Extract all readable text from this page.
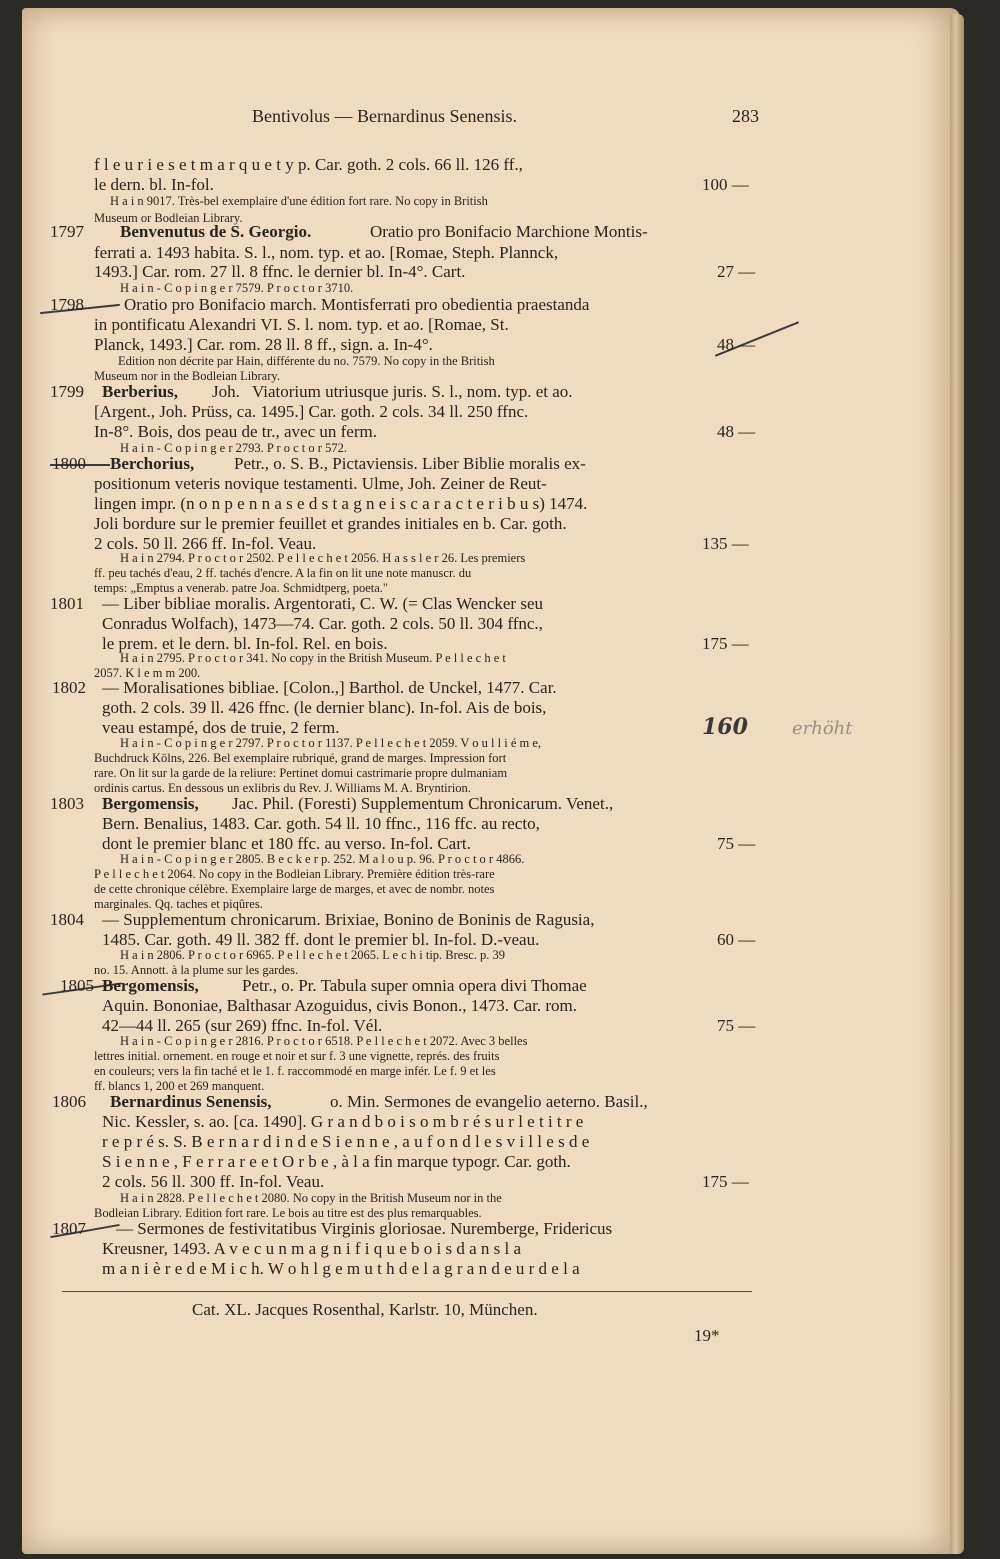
Bentivolus — Bernardinus Senensis.	283
Cat. XL. Jacques Rosenthal, Karlstr. 10, München.
19*
160 erhöht
f l e u r i e s e t m a r q u e t y p. Car. goth. 2 cols. 66 ll. 126 ff.,
le dern. bl. In-fol.
H a i n 9017. Très-bel exemplaire d'une édition fort rare. No copy in British
Museum or Bodleian Library.
Oratio pro Bonifacio Marchione Montis-
ferrati a. 1493 habita. S. l., nom. typ. et ao. [Romae, Steph. Plannck,
1493.] Car. rom. 27 ll. 8 ffnc. le dernier bl. In-4°. Cart.
H a i n - C o p i n g e r 7579. P r o c t o r 3710.
Oratio pro Bonifacio march. Montisferrati pro obedientia praestanda
in pontificatu Alexandri VI. S. l. nom. typ. et ao. [Romae, St.
Planck, 1493.] Car. rom. 28 ll. 8 ff., sign. a. In-4°.
Edition non décrite par Hain, différente du no. 7579. No copy in the British
Museum nor in the Bodleian Library.
Viatorium utriusque juris. S. l., nom. typ. et ao.
[Argent., Joh. Prüss, ca. 1495.] Car. goth. 2 cols. 34 ll. 250 ffnc.
In-8°. Bois, dos peau de tr., avec un ferm.
H a i n - C o p i n g e r 2793. P r o c t o r 572.
Petr., o. S. B., Pictaviensis. Liber Biblie moralis ex-
positionum veteris novique testamenti. Ulme, Joh. Zeiner de Reut-
lingen impr. (n o n p e n n a s e d s t a g n e i s c a r a c t e r i b u s) 1474.
Joli bordure sur le premier feuillet et grandes initiales en b. Car. goth.
2 cols. 50 ll. 266 ff. In-fol. Veau.
H a i n 2794. P r o c t o r 2502. P e l l e c h e t 2056. H a s s l e r 26. Les premiers
ff. peu tachés d'eau, 2 ff. tachés d'encre. A la fin on lit une note manuscr. du
temps: „Emptus a venerab. patre Joa. Schmidtperg, poeta."
— Liber bibliae moralis. Argentorati, C. W. (= Clas Wencker seu
Conradus Wolfach), 1473—74. Car. goth. 2 cols. 50 ll. 304 ffnc.,
le prem. et le dern. bl. In-fol. Rel. en bois.
H a i n 2795. P r o c t o r 341. No copy in the British Museum. P e l l e c h e t
2057. K l e m m 200.
— Moralisationes bibliae. [Colon.,] Barthol. de Unckel, 1477. Car.
goth. 2 cols. 39 ll. 426 ffnc. (le dernier blanc). In-fol. Ais de bois,
veau estampé, dos de truie, 2 ferm.
H a i n - C o p i n g e r 2797. P r o c t o r 1137. P e l l e c h e t 2059. V o u l l i é m e,
Buchdruck Kölns, 226. Bel exemplaire rubriqué, grand de marges. Impression fort
rare. On lit sur la garde de la reliure: Pertinet domui castrimarie propre dulmaniam
ordinis cartus. En dessous un exlibris du Rev. J. Williams M. A. Bryntirion.
Jac. Phil. (Foresti) Supplementum Chronicarum. Venet.,
Bern. Benalius, 1483. Car. goth. 54 ll. 10 ffnc., 116 ffc. au recto,
dont le premier blanc et 180 ffc. au verso. In-fol. Cart.
H a i n - C o p i n g e r 2805. B e c k e r p. 252. M a l o u p. 96. P r o c t o r 4866.
P e l l e c h e t 2064. No copy in the Bodleian Library. Première édition très-rare
de cette chronique célèbre. Exemplaire large de marges, et avec de nombr. notes
marginales. Qq. taches et piqûres.
— Supplementum chronicarum. Brixiae, Bonino de Boninis de Ragusia,
1485. Car. goth. 49 ll. 382 ff. dont le premier bl. In-fol. D.-veau.
H a i n 2806. P r o c t o r 6965. P e l l e c h e t 2065. L e c h i tip. Bresc. p. 39
no. 15. Annott. à la plume sur les gardes.
Petr., o. Pr. Tabula super omnia opera divi Thomae
Aquin. Bononiae, Balthasar Azoguidus, civis Bonon., 1473. Car. rom.
42—44 ll. 265 (sur 269) ffnc. In-fol. Vél.
H a i n - C o p i n g e r 2816. P r o c t o r 6518. P e l l e c h e t 2072. Avec 3 belles
lettres initial. ornement. en rouge et noir et sur f. 3 une vignette, représ. des fruits
en couleurs; vers la fin taché et le 1. f. raccommodé en marge infér. Le f. 9 et les
ff. blancs 1, 200 et 269 manquent.
o. Min. Sermones de evangelio aeterno. Basil.,
Nic. Kessler, s. ao. [ca. 1490]. G r a n d b o i s o m b r é s u r l e t i t r e
r e p r é s. S. B e r n a r d i n d e S i e n n e , a u f o n d l e s v i l l e s d e
S i e n n e , F e r r a r e e t O r b e , à l a fin marque typogr. Car. goth.
2 cols. 56 ll. 300 ff. In-fol. Veau.
H a i n 2828. P e l l e c h e t 2080. No copy in the British Museum nor in the
Bodleian Library. Edition fort rare. Le bois au titre est des plus remarquables.
— Sermones de festivitatibus Virginis gloriosae. Nuremberge, Fridericus
Kreusner, 1493. A v e c u n m a g n i f i q u e b o i s d a n s l a
m a n i è r e d e M i c h. W o h l g e m u t h d e l a g r a n d e u r d e l a
Benvenutus de S. Georgio.
Berberius, Joh.
Berchorius,
Bergomensis,
Bergomensis,
Bernardinus Senensis,
1797
1798
1799
1800
1801
1802
1803
1804
1805
1806
1807
100 —
27 —
48 —
48 —
135 —
175 —
75 —
60 —
75 —
175 —
